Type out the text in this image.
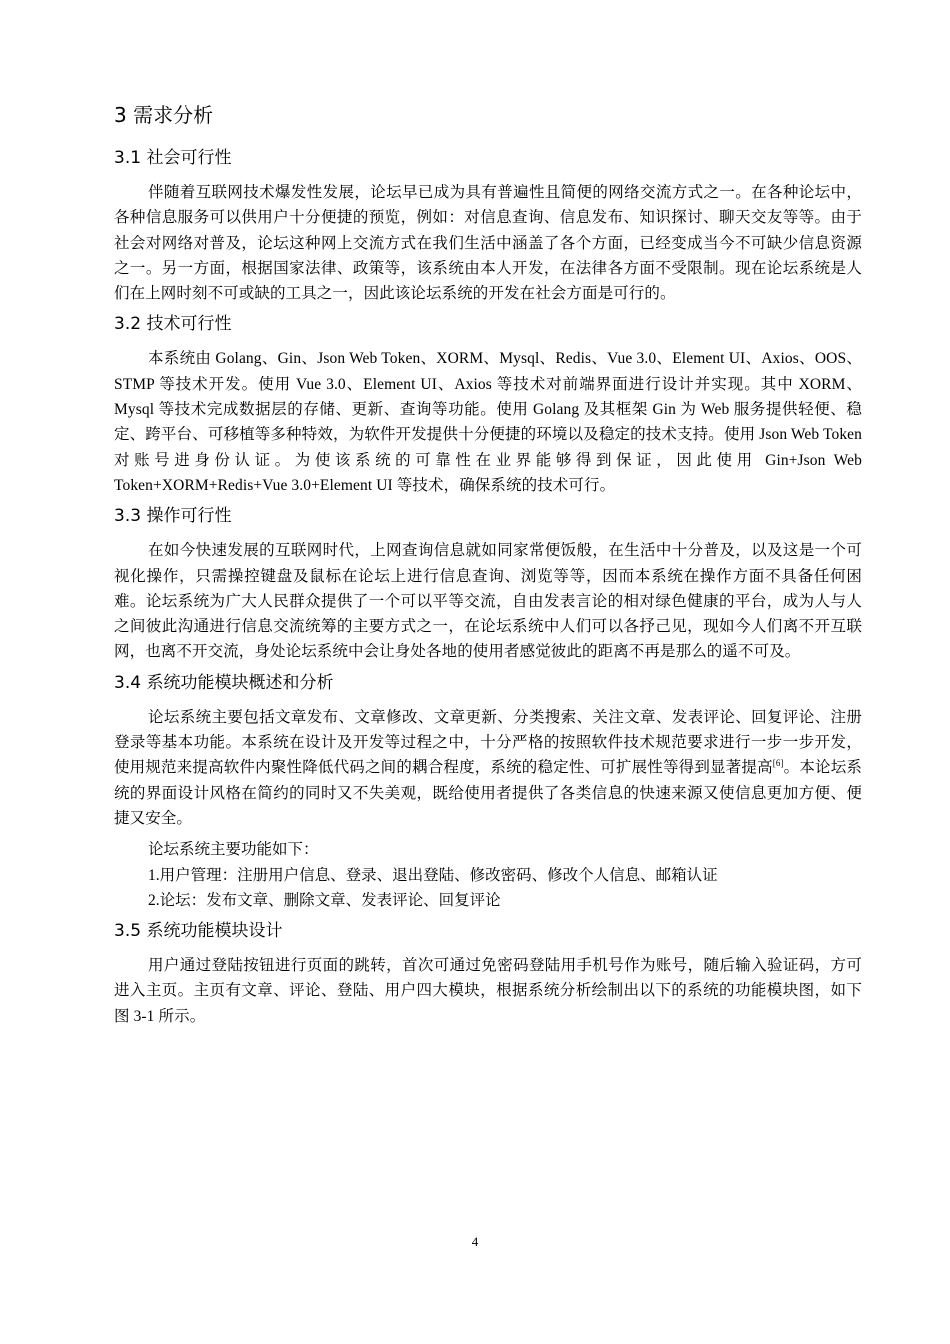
3 需求分析
3.1 社会可行性

伴随着互联网技术爆发性发展，论坛早已成为具有普遍性且简便的网络交流方式之一。在各种论坛中，各种信息服务可以供用户十分便捷的预览，例如：对信息查询、信息发布、知识探讨、聊天交友等等。由于社会对网络对普及，论坛这种网上交流方式在我们生活中涵盖了各个方面，已经变成当今不可缺少信息资源之一。另一方面，根据国家法律、政策等，该系统由本人开发，在法律各方面不受限制。现在论坛系统是人们在上网时刻不可或缺的工具之一，因此该论坛系统的开发在社会方面是可行的。

3.2 技术可行性

本系统由 Golang、Gin、Json Web Token、XORM、Mysql、Redis、Vue 3.0、Element UI、Axios、OOS、STMP 等技术开发。使用 Vue 3.0、Element UI、Axios 等技术对前端界面进行设计并实现。其中 XORM、Mysql 等技术完成数据层的存储、更新、查询等功能。使用 Golang 及其框架 Gin 为 Web 服务提供轻便、稳定、跨平台、可移植等多种特效，为软件开发提供十分便捷的环境以及稳定的技术支持。使用 Json Web Token 对账号进身份认证。为使该系统的可靠性在业界能够得到保证，因此使用 Gin+Json Web Token+XORM+Redis+Vue 3.0+Element UI 等技术，确保系统的技术可行。

3.3 操作可行性

在如今快速发展的互联网时代，上网查询信息就如同家常便饭般，在生活中十分普及，以及这是一个可视化操作，只需操控键盘及鼠标在论坛上进行信息查询、浏览等等，因而本系统在操作方面不具备任何困难。论坛系统为广大人民群众提供了一个可以平等交流，自由发表言论的相对绿色健康的平台，成为人与人之间彼此沟通进行信息交流统筹的主要方式之一，在论坛系统中人们可以各抒己见，现如今人们离不开互联网，也离不开交流，身处论坛系统中会让身处各地的使用者感觉彼此的距离不再是那么的遥不可及。

3.4 系统功能模块概述和分析

论坛系统主要包括文章发布、文章修改、文章更新、分类搜索、关注文章、发表评论、回复评论、注册登录等基本功能。本系统在设计及开发等过程之中，十分严格的按照软件技术规范要求进行一步一步开发，使用规范来提高软件内聚性降低代码之间的耦合程度，系统的稳定性、可扩展性等得到显著提高[6]。本论坛系统的界面设计风格在简约的同时又不失美观，既给使用者提供了各类信息的快速来源又使信息更加方便、便捷又安全。

论坛系统主要功能如下：

1.用户管理：注册用户信息、登录、退出登陆、修改密码、修改个人信息、邮箱认证

2.论坛：发布文章、删除文章、发表评论、回复评论

3.5 系统功能模块设计

用户通过登陆按钮进行页面的跳转，首次可通过免密码登陆用手机号作为账号，随后输入验证码，方可进入主页。主页有文章、评论、登陆、用户四大模块，根据系统分析绘制出以下的系统的功能模块图，如下图 3-1 所示。

4
